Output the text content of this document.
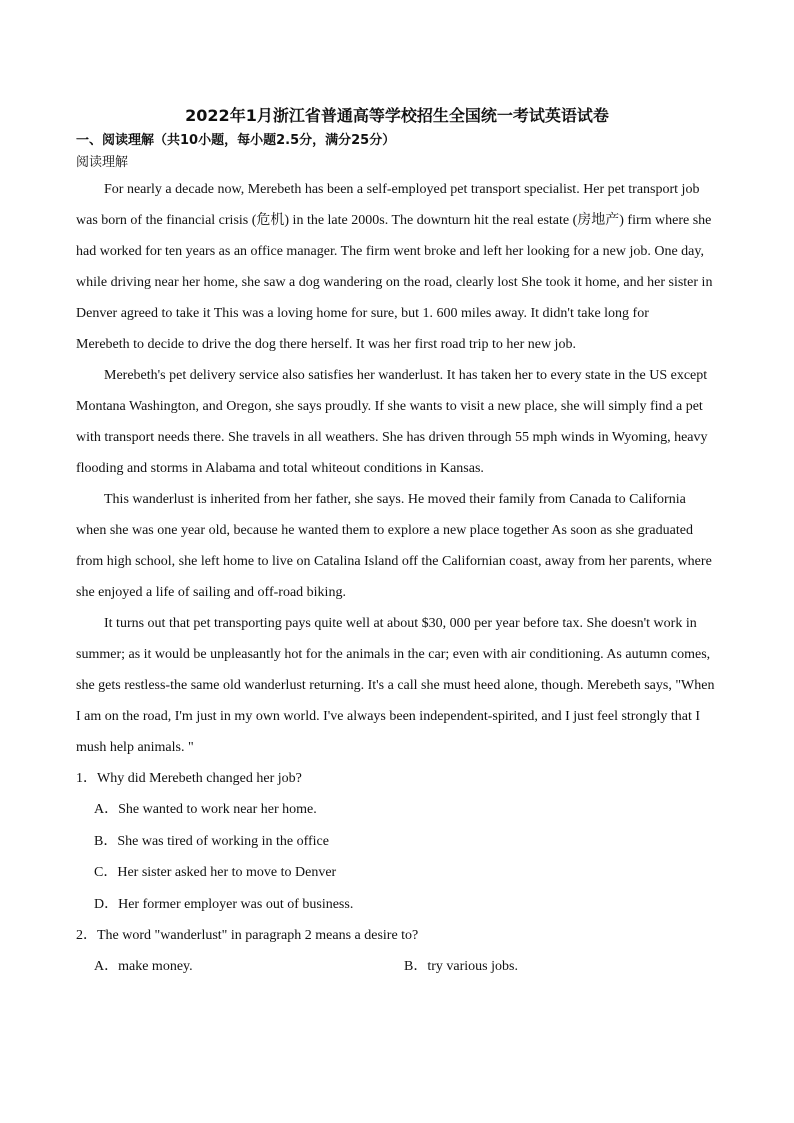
2022年1月浙江省普通高等学校招生全国统一考试英语试卷
一、阅读理解（共10小题，每小题2.5分，满分25分）
阅读理解

For nearly a decade now, Merebeth has been a self-employed pet transport specialist. Her pet transport job was born of the financial crisis (危机) in the late 2000s. The downturn hit the real estate (房地产) firm where she had worked for ten years as an office manager. The firm went broke and left her looking for a new job. One day, while driving near her home, she saw a dog wandering on the road, clearly lost She took it home, and her sister in Denver agreed to take it This was a loving home for sure, but 1. 600 miles away. It didn't take long for

Merebeth to decide to drive the dog there herself. It was her first road trip to her new job.

Merebeth's pet delivery service also satisfies her wanderlust. It has taken her to every state in the US except Montana Washington, and Oregon, she says proudly. If she wants to visit a new place, she will simply find a pet with transport needs there. She travels in all weathers. She has driven through 55 mph winds in Wyoming, heavy flooding and storms in Alabama and total whiteout conditions in Kansas.

This wanderlust is inherited from her father, she says. He moved their family from Canada to California when she was one year old, because he wanted them to explore a new place together As soon as she graduated from high school, she left home to live on Catalina Island off the Californian coast, away from her parents, where she enjoyed a life of sailing and off-road biking.

It turns out that pet transporting pays quite well at about $30, 000 per year before tax. She doesn't work in summer; as it would be unpleasantly hot for the animals in the car; even with air conditioning. As autumn comes, she gets restless-the same old wanderlust returning. It's a call she must heed alone, though. Merebeth says, "When I am on the road, I'm just in my own world. I've always been independent-spirited, and I just feel strongly that I mush help animals. "

1．Why did Merebeth changed her job?
A．She wanted to work near her home.
B．She was tired of working in the office
C．Her sister asked her to move to Denver
D．Her former employer was out of business.
2．The word "wanderlust" in paragraph 2 means a desire to?
A．make money.	B．try various jobs.
